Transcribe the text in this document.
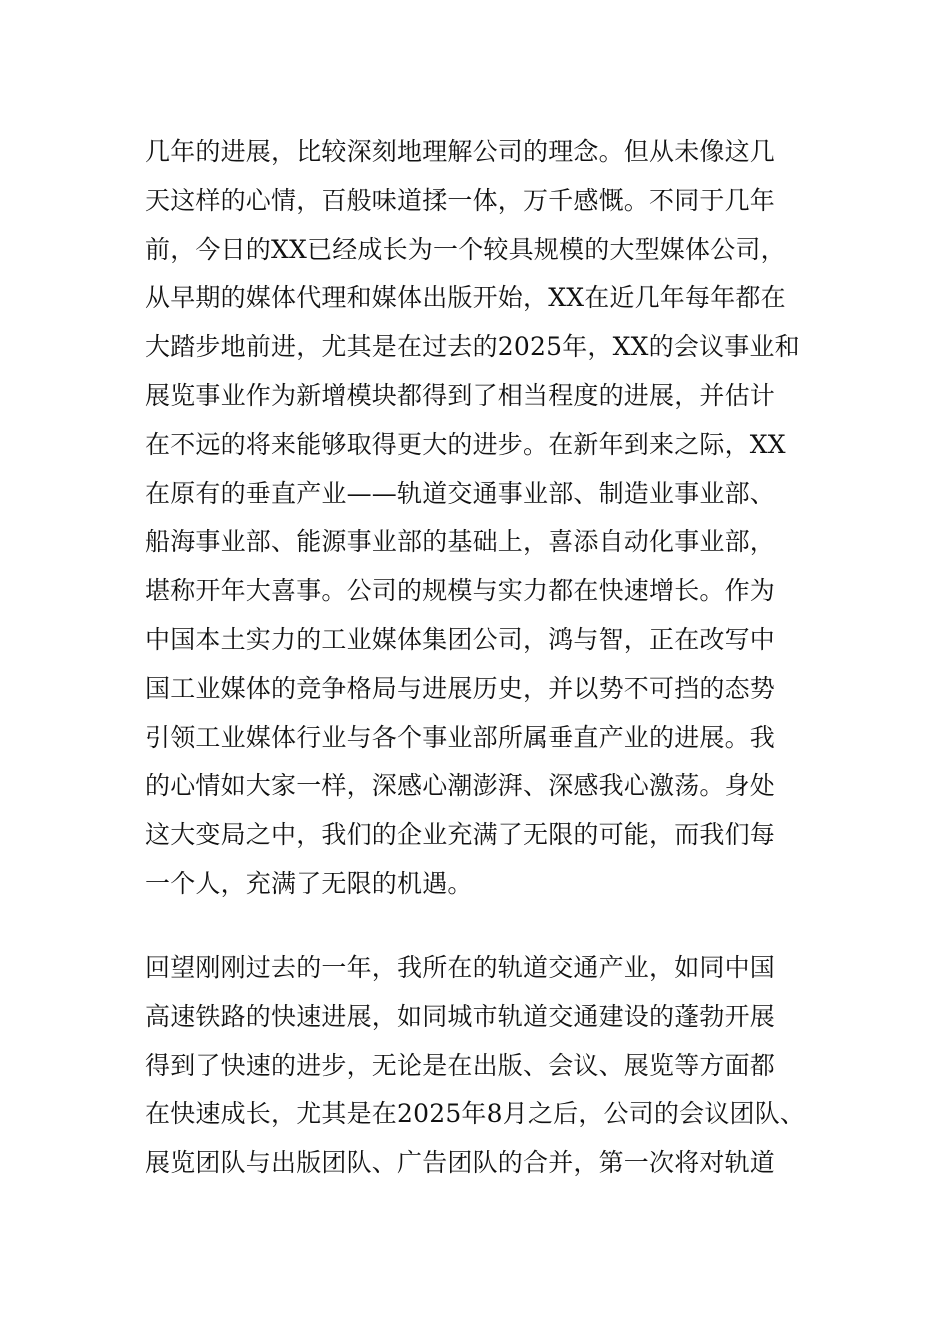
几年的进展，比较深刻地理解公司的理念。但从未像这几
天这样的心情，百般味道揉一体，万千感慨。不同于几年
前，今日的XX已经成长为一个较具规模的大型媒体公司，
从早期的媒体代理和媒体出版开始，XX在近几年每年都在
大踏步地前进，尤其是在过去的2025年，XX的会议事业和
展览事业作为新增模块都得到了相当程度的进展，并估计
在不远的将来能够取得更大的进步。在新年到来之际，XX
在原有的垂直产业——轨道交通事业部、制造业事业部、
船海事业部、能源事业部的基础上，喜添自动化事业部，
堪称开年大喜事。公司的规模与实力都在快速增长。作为
中国本土实力的工业媒体集团公司，鸿与智，正在改写中
国工业媒体的竞争格局与进展历史，并以势不可挡的态势
引领工业媒体行业与各个事业部所属垂直产业的进展。我
的心情如大家一样，深感心潮澎湃、深感我心激荡。身处
这大变局之中，我们的企业充满了无限的可能，而我们每
一个人，充满了无限的机遇。
回望刚刚过去的一年，我所在的轨道交通产业，如同中国
高速铁路的快速进展，如同城市轨道交通建设的蓬勃开展
得到了快速的进步，无论是在出版、会议、展览等方面都
在快速成长，尤其是在2025年8月之后，公司的会议团队、
展览团队与出版团队、广告团队的合并，第一次将对轨道
